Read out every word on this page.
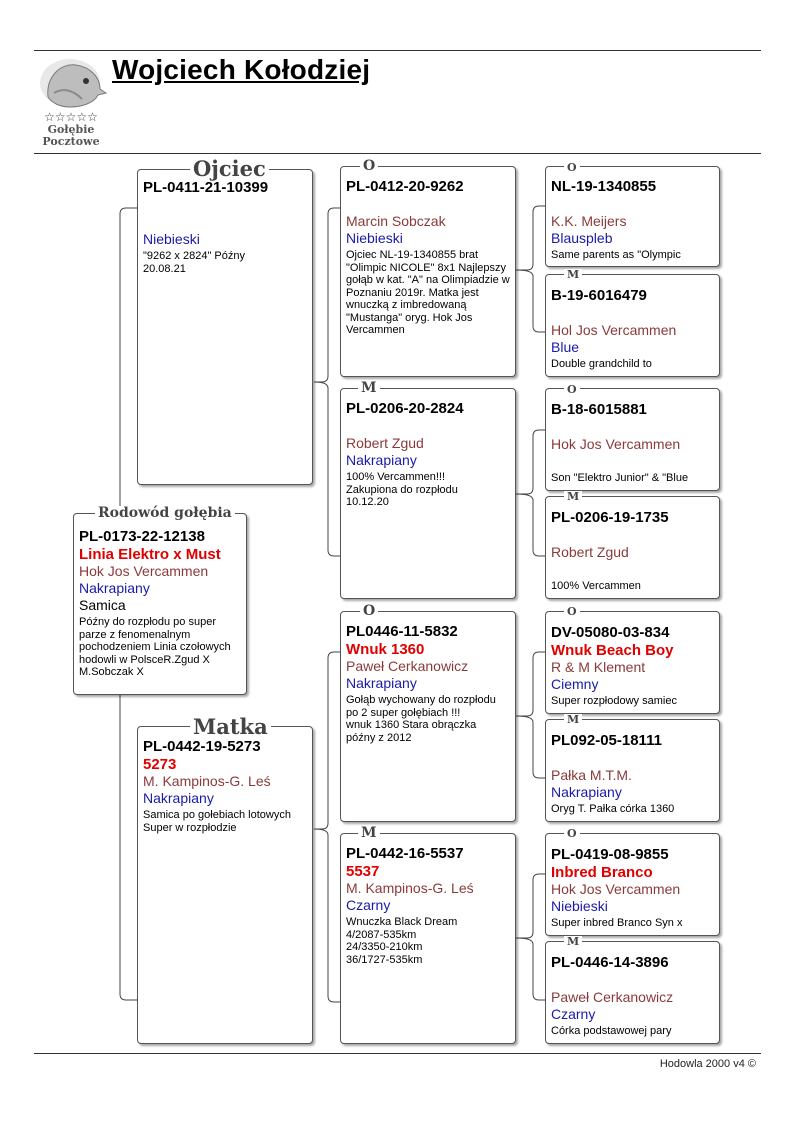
☆☆☆☆☆
Gołębie
Pocztowe
Wojciech Kołodziej
PL-0173-22-12138
Linia Elektro x Must
Hok Jos Vercammen
Nakrapiany
Samica
Późny do rozpłodu po super parze z fenomenalnym pochodzeniem Linia czołowych hodowli w PolsceR.Zgud X M.Sobczak X
Rodowód gołębia
PL-0411-21-10399
Niebieski
"9262 x 2824" Późny
20.08.21
Ojciec
PL-0442-19-5273
5273
M. Kampinos-G. Leś
Nakrapiany
Samica po gołebiach lotowych
Super w rozpłodzie
Matka
PL-0412-20-9262
Marcin Sobczak
Niebieski
Ojciec NL-19-1340855 brat "Olimpic NICOLE" 8x1 Najlepszy gołąb w kat. "A" na Olimpiadzie w Poznaniu 2019r. Matka jest wnuczką z imbredowaną "Mustanga" oryg. Hok Jos Vercammen
O
PL-0206-20-2824
Robert Zgud
Nakrapiany
100% Vercammen!!!
Zakupiona do rozpłodu
10.12.20
M
PL0446-11-5832
Wnuk 1360
Paweł Cerkanowicz
Nakrapiany
Gołąb wychowany do rozpłodu po 2 super gołębiach !!!
wnuk 1360 Stara obrączka
późny z 2012
O
PL-0442-16-5537
5537
M. Kampinos-G. Leś
Czarny
Wnuczka Black Dream
4/2087-535km
24/3350-210km
36/1727-535km
M
NL-19-1340855
K.K. Meijers
Blauspleb
Same parents as "Olympic
O
B-19-6016479
Hol Jos Vercammen
Blue
Double grandchild to
M
B-18-6015881
Hok Jos Vercammen
Son "Elektro Junior" & "Blue
O
PL-0206-19-1735
Robert Zgud
100% Vercammen
M
DV-05080-03-834
Wnuk Beach Boy
R & M Klement
Ciemny
Super rozpłodowy samiec
O
PL092-05-18111
Pałka M.T.M.
Nakrapiany
Oryg T. Pałka córka 1360
M
PL-0419-08-9855
Inbred Branco
Hok Jos Vercammen
Niebieski
Super inbred Branco Syn x
O
PL-0446-14-3896
Paweł Cerkanowicz
Czarny
Córka podstawowej pary
M
Hodowla 2000 v4 ©
